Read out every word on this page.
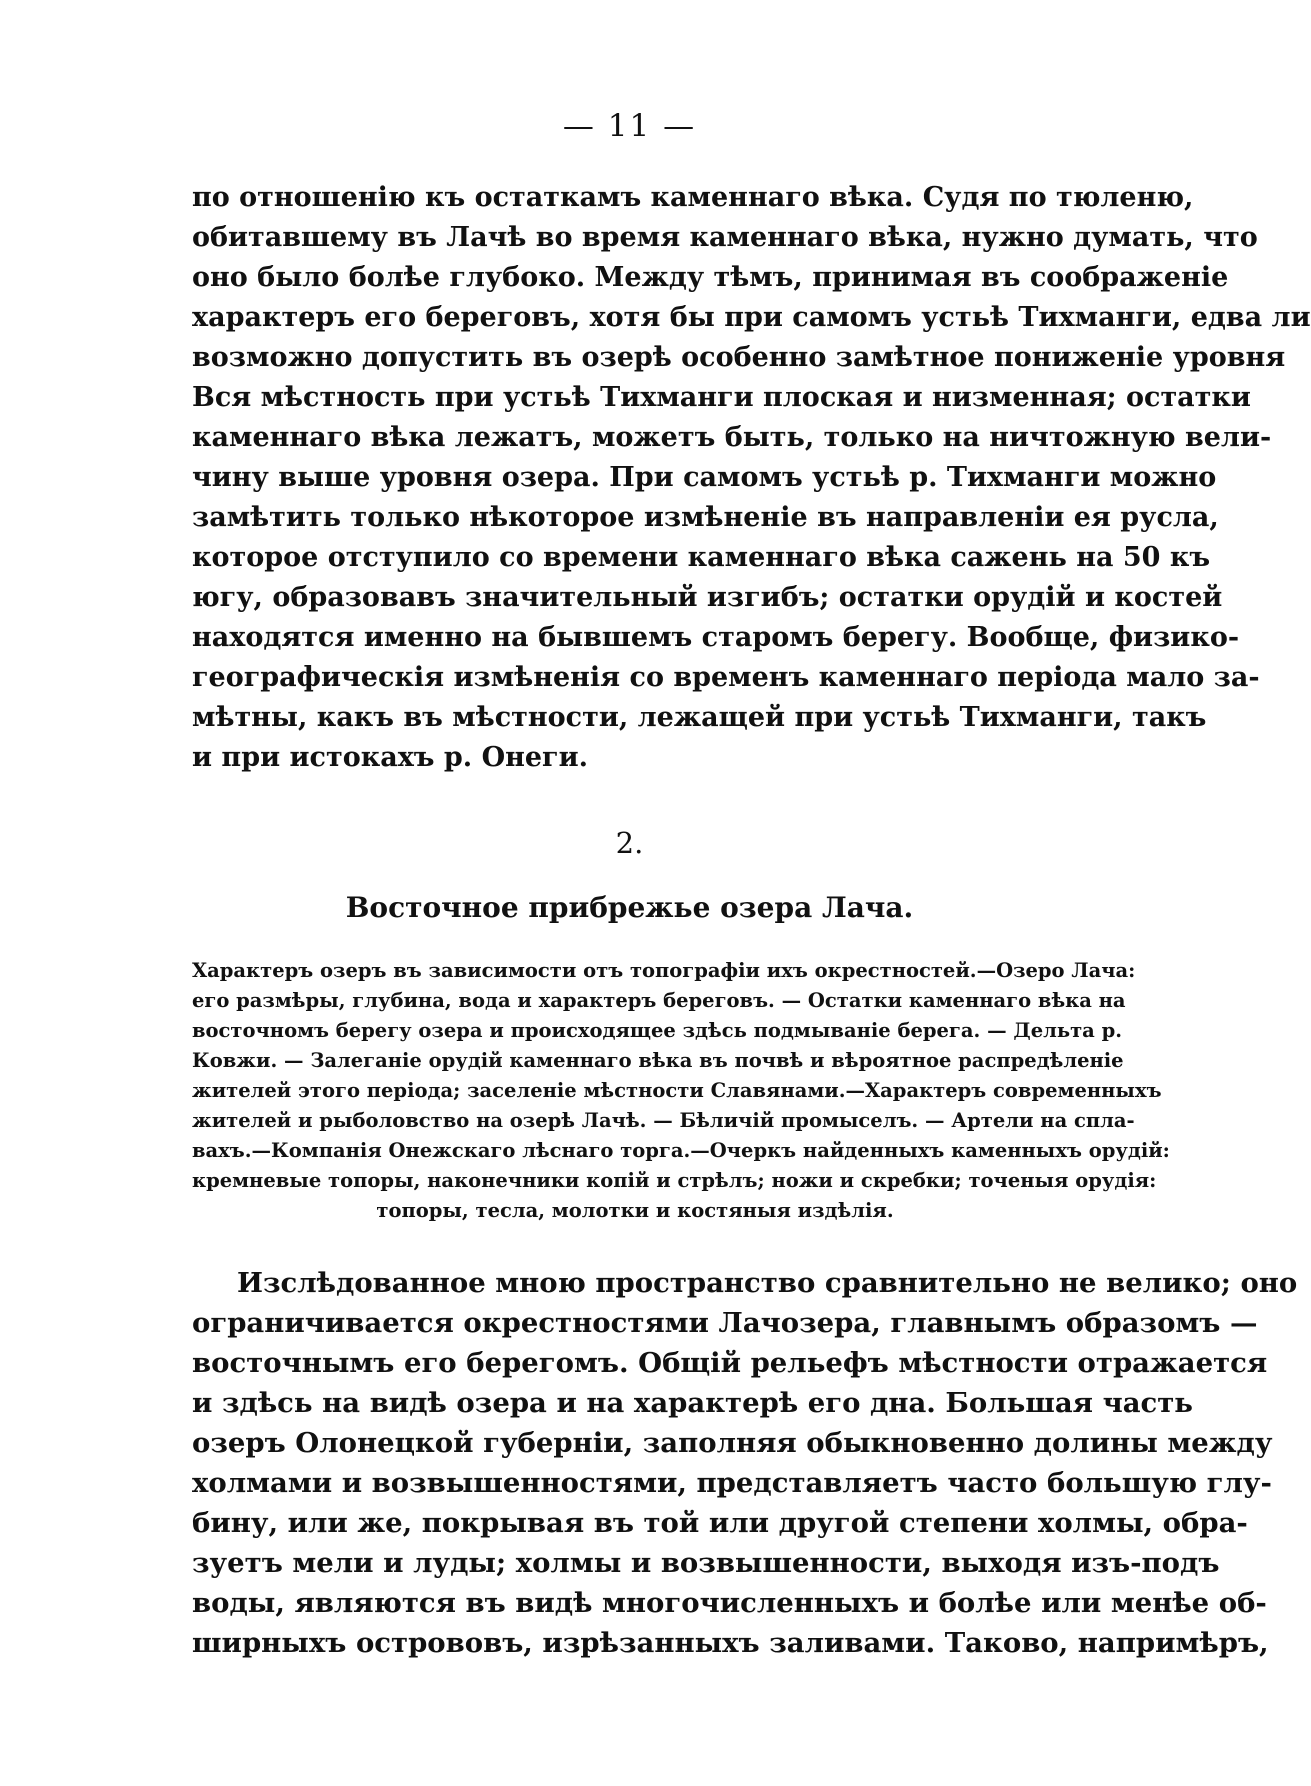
— 11 —
по отношенію къ остаткамъ каменнаго вѣка. Судя по тюленю,
обитавшему въ Лачѣ во время каменнаго вѣка, нужно думать, что
оно было болѣе глубоко. Между тѣмъ, принимая въ соображеніе
характеръ его береговъ, хотя бы при самомъ устьѣ Тихманги, едва ли
возможно допустить въ озерѣ особенно замѣтное пониженіе уровня
Вся мѣстность при устьѣ Тихманги плоская и низменная; остатки
каменнаго вѣка лежатъ, можетъ быть, только на ничтожную вели-
чину выше уровня озера. При самомъ устьѣ р. Тихманги можно
замѣтить только нѣкоторое измѣненіе въ направленіи ея русла,
которое отступило со времени каменнаго вѣка сажень на 50 къ
югу, образовавъ значительный изгибъ; остатки орудій и костей
находятся именно на бывшемъ старомъ берегу. Вообще, физико-
географическія измѣненія со временъ каменнаго періода мало за-
мѣтны, какъ въ мѣстности, лежащей при устьѣ Тихманги, такъ
и при истокахъ р. Онеги.
2.
Восточное прибрежье озера Лача.
Характеръ озеръ въ зависимости отъ топографіи ихъ окрестностей.—Озеро Лача:
его размѣры, глубина, вода и характеръ береговъ. — Остатки каменнаго вѣка на
восточномъ берегу озера и происходящее здѣсь подмываніе берега. — Дельта р.
Ковжи. — Залеганіе орудій каменнаго вѣка въ почвѣ и вѣроятное распредѣленіе
жителей этого періода; заселеніе мѣстности Славянами.—Характеръ современныхъ
жителей и рыболовство на озерѣ Лачѣ. — Бѣличій промыселъ. — Артели на спла-
вахъ.—Компанія Онежскаго лѣснаго торга.—Очеркъ найденныхъ каменныхъ орудій:
кремневые топоры, наконечники копій и стрѣлъ; ножи и скребки; точеныя орудія:
топоры, тесла, молотки и костяныя издѣлія.
Изслѣдованное мною пространство сравнительно не велико; оно
ограничивается окрестностями Лачозера, главнымъ образомъ —
восточнымъ его берегомъ. Общій рельефъ мѣстности отражается
и здѣсь на видѣ озера и на характерѣ его дна. Большая часть
озеръ Олонецкой губерніи, заполняя обыкновенно долины между
холмами и возвышенностями, представляетъ часто большую глу-
бину, или же, покрывая въ той или другой степени холмы, обра-
зуетъ мели и луды; холмы и возвышенности, выходя изъ-подъ
воды, являются въ видѣ многочисленныхъ и болѣе или менѣе об-
ширныхъ острововъ, изрѣзанныхъ заливами. Таково, напримѣръ,
